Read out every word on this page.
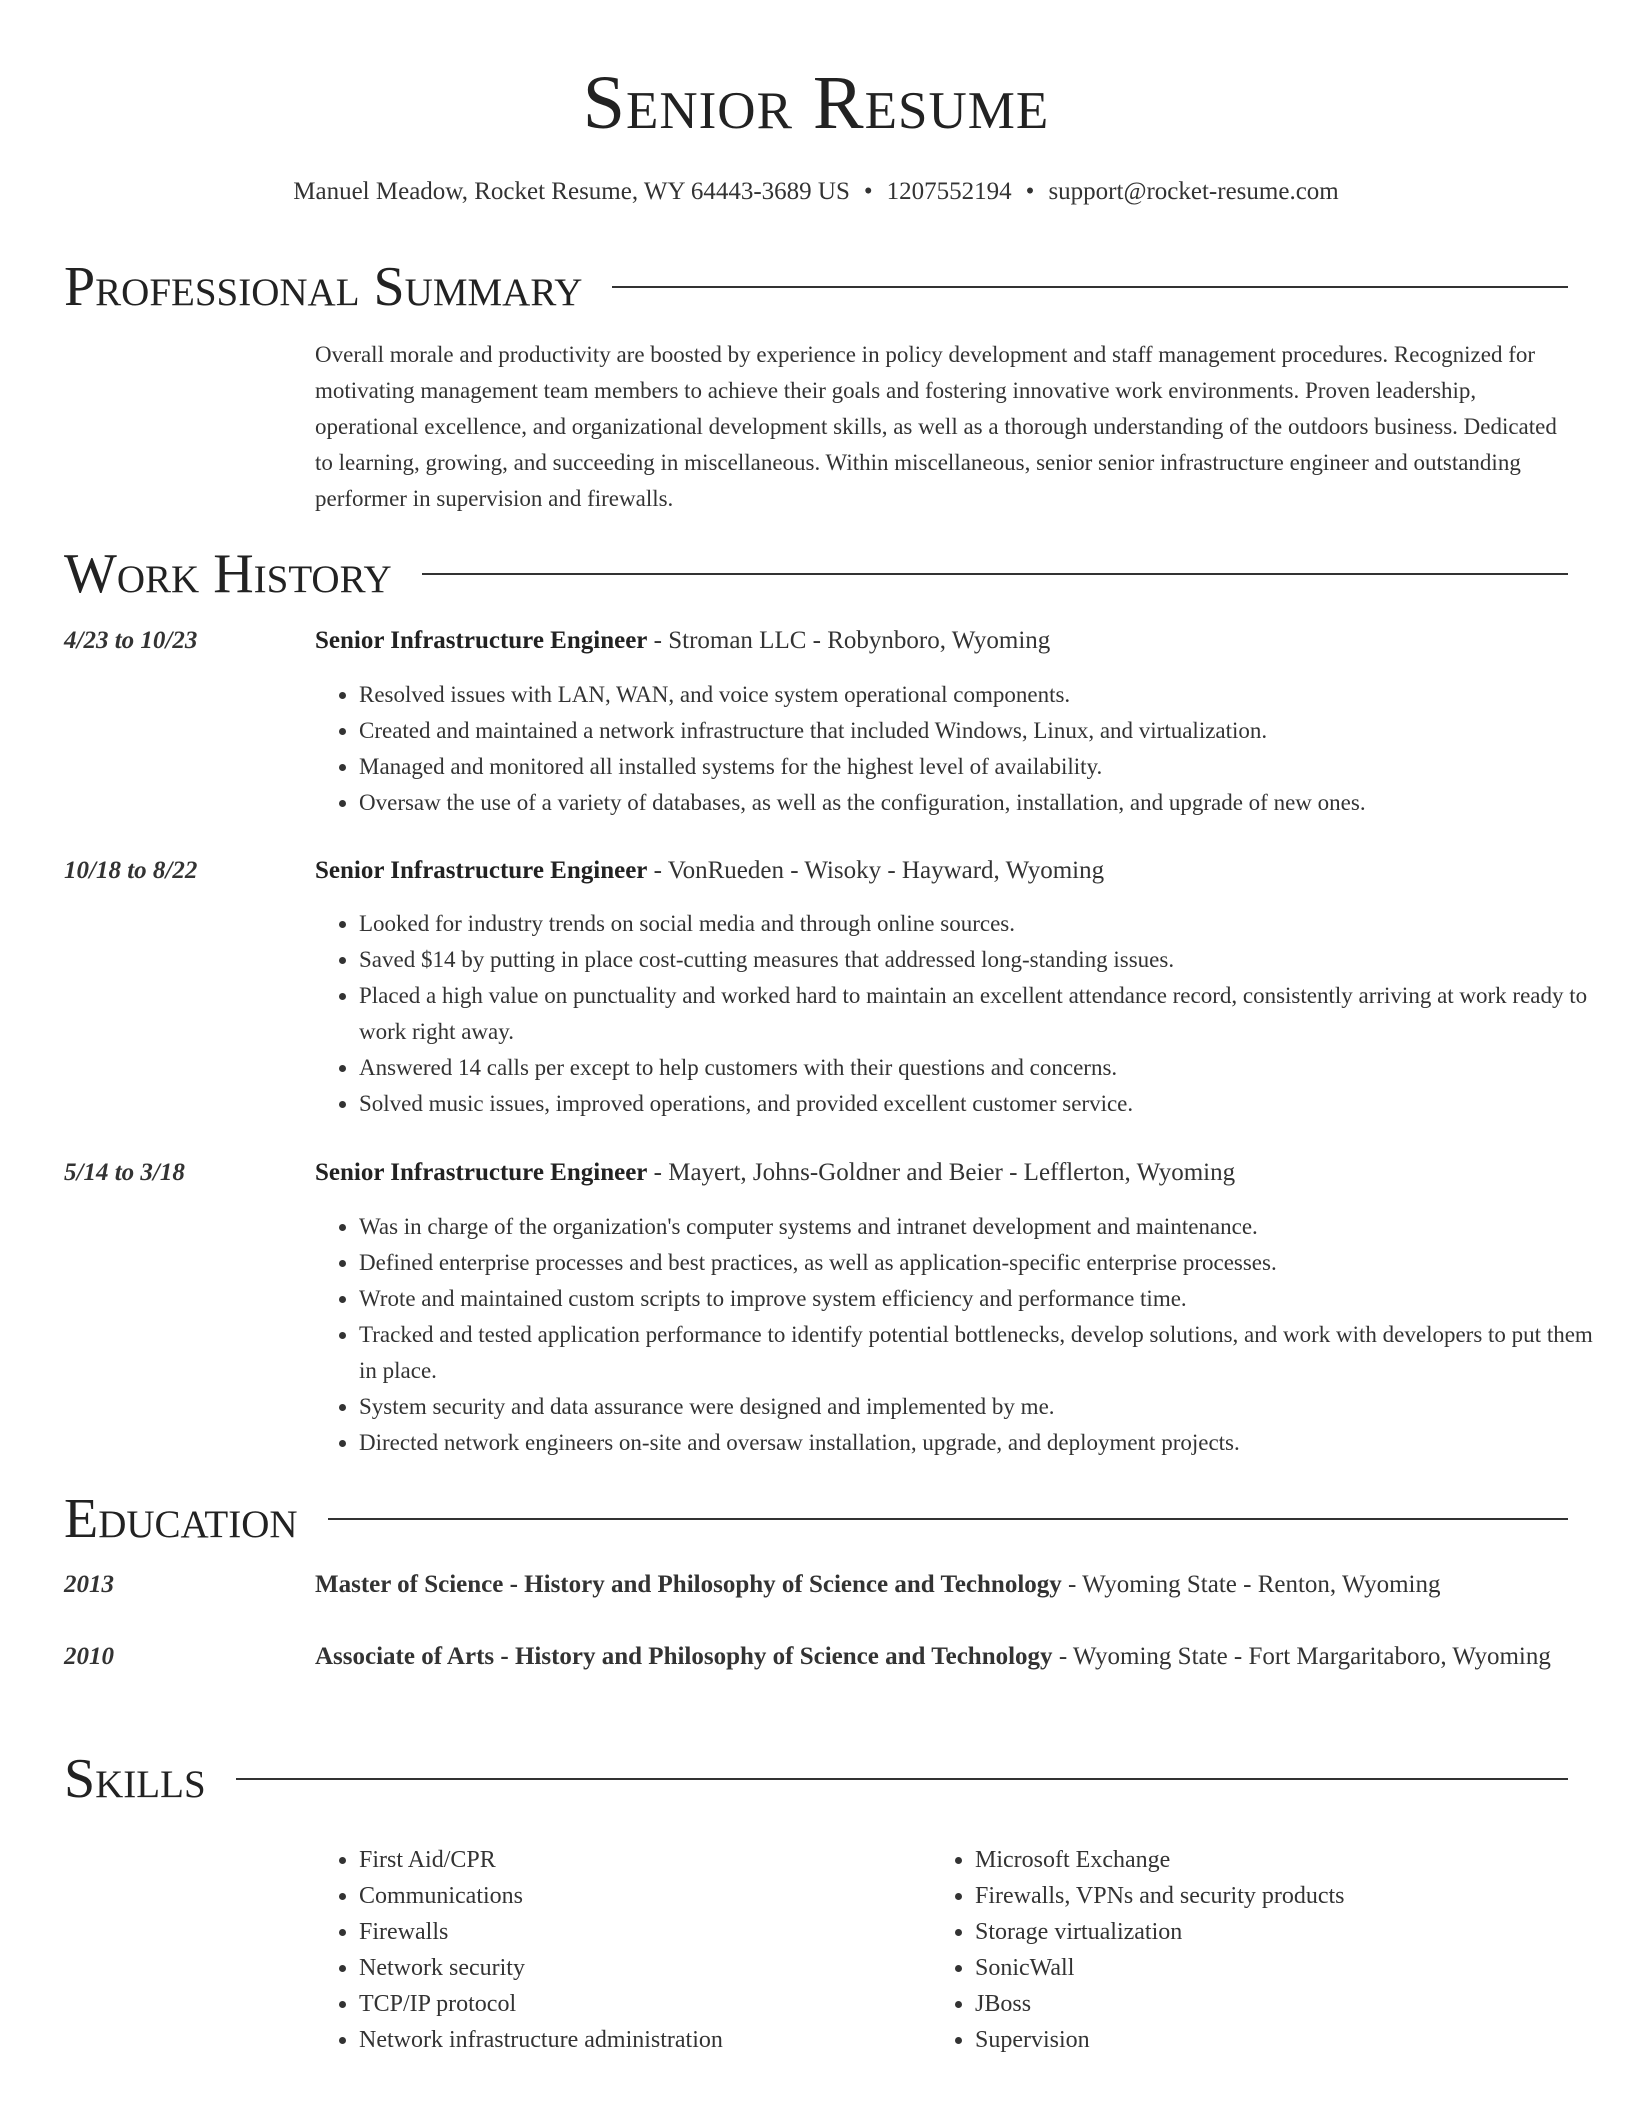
Senior Resume
Manuel Meadow, Rocket Resume, WY 64443-3689 US • 1207552194 • support@rocket-resume.com
Professional Summary
Overall morale and productivity are boosted by experience in policy development and staff management procedures. Recognized for motivating management team members to achieve their goals and fostering innovative work environments. Proven leadership, operational excellence, and organizational development skills, as well as a thorough understanding of the outdoors business. Dedicated to learning, growing, and succeeding in miscellaneous. Within miscellaneous, senior senior infrastructure engineer and outstanding performer in supervision and firewalls.
Work History
4/23 to 10/23	Senior Infrastructure Engineer - Stroman LLC - Robynboro, Wyoming
• Resolved issues with LAN, WAN, and voice system operational components.
• Created and maintained a network infrastructure that included Windows, Linux, and virtualization.
• Managed and monitored all installed systems for the highest level of availability.
• Oversaw the use of a variety of databases, as well as the configuration, installation, and upgrade of new ones.
10/18 to 8/22	Senior Infrastructure Engineer - VonRueden - Wisoky - Hayward, Wyoming
• Looked for industry trends on social media and through online sources.
• Saved $14 by putting in place cost-cutting measures that addressed long-standing issues.
• Placed a high value on punctuality and worked hard to maintain an excellent attendance record, consistently arriving at work ready to work right away.
• Answered 14 calls per except to help customers with their questions and concerns.
• Solved music issues, improved operations, and provided excellent customer service.
5/14 to 3/18	Senior Infrastructure Engineer - Mayert, Johns-Goldner and Beier - Lefflerton, Wyoming
• Was in charge of the organization's computer systems and intranet development and maintenance.
• Defined enterprise processes and best practices, as well as application-specific enterprise processes.
• Wrote and maintained custom scripts to improve system efficiency and performance time.
• Tracked and tested application performance to identify potential bottlenecks, develop solutions, and work with developers to put them in place.
• System security and data assurance were designed and implemented by me.
• Directed network engineers on-site and oversaw installation, upgrade, and deployment projects.
Education
2013	Master of Science - History and Philosophy of Science and Technology - Wyoming State - Renton, Wyoming
2010	Associate of Arts - History and Philosophy of Science and Technology - Wyoming State - Fort Margaritaboro, Wyoming
Skills
• First Aid/CPR
• Communications
• Firewalls
• Network security
• TCP/IP protocol
• Network infrastructure administration
• Microsoft Exchange
• Firewalls, VPNs and security products
• Storage virtualization
• SonicWall
• JBoss
• Supervision
